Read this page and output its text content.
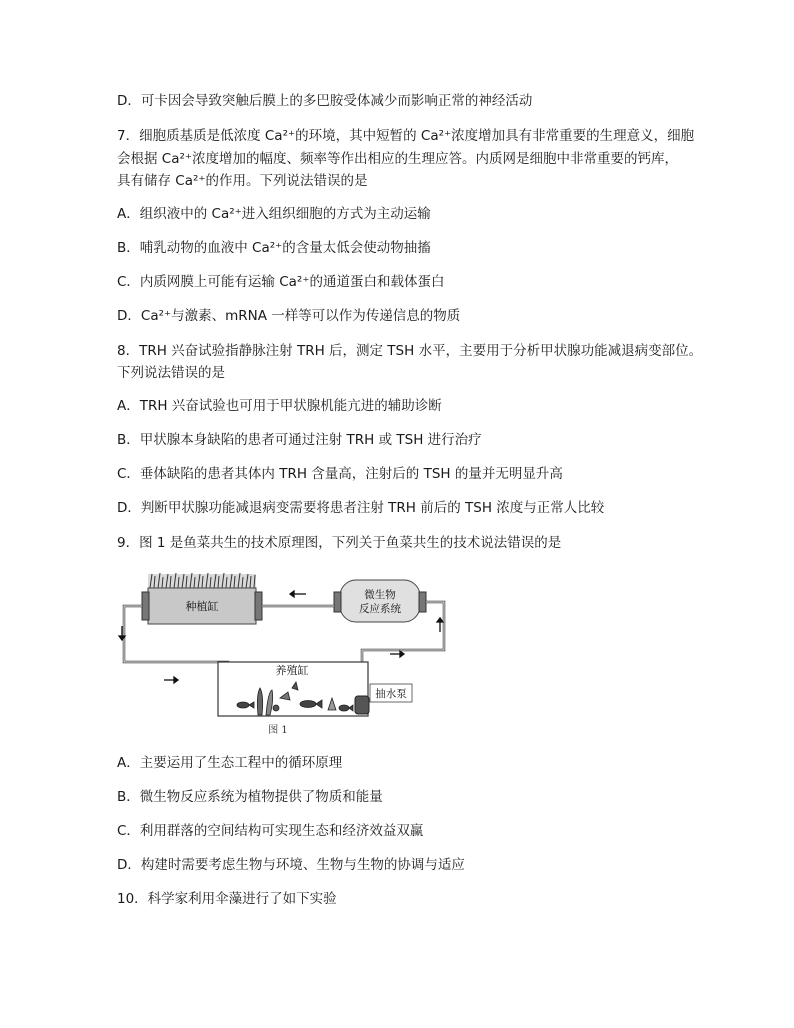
D．可卡因会导致突触后膜上的多巴胺受体减少而影响正常的神经活动
7．细胞质基质是低浓度 Ca²⁺的环境，其中短暂的 Ca²⁺浓度增加具有非常重要的生理意义，细胞
会根据 Ca²⁺浓度增加的幅度、频率等作出相应的生理应答。内质网是细胞中非常重要的钙库，
具有储存 Ca²⁺的作用。下列说法错误的是
A．组织液中的 Ca²⁺进入组织细胞的方式为主动运输
B．哺乳动物的血液中 Ca²⁺的含量太低会使动物抽搐
C．内质网膜上可能有运输 Ca²⁺的通道蛋白和载体蛋白
D．Ca²⁺与激素、mRNA 一样等可以作为传递信息的物质
8．TRH 兴奋试验指静脉注射 TRH 后，测定 TSH 水平，主要用于分析甲状腺功能减退病变部位。
下列说法错误的是
A．TRH 兴奋试验也可用于甲状腺机能亢进的辅助诊断
B．甲状腺本身缺陷的患者可通过注射 TRH 或 TSH 进行治疗
C．垂体缺陷的患者其体内 TRH 含量高，注射后的 TSH 的量并无明显升高
D．判断甲状腺功能减退病变需要将患者注射 TRH 前后的 TSH 浓度与正常人比较
9．图 1 是鱼菜共生的技术原理图，下列关于鱼菜共生的技术说法错误的是
种植缸
微生物
反应系统
养殖缸
抽水泵
图 1
A．主要运用了生态工程中的循环原理
B．微生物反应系统为植物提供了物质和能量
C．利用群落的空间结构可实现生态和经济效益双赢
D．构建时需要考虑生物与环境、生物与生物的协调与适应
10．科学家利用伞藻进行了如下实验
